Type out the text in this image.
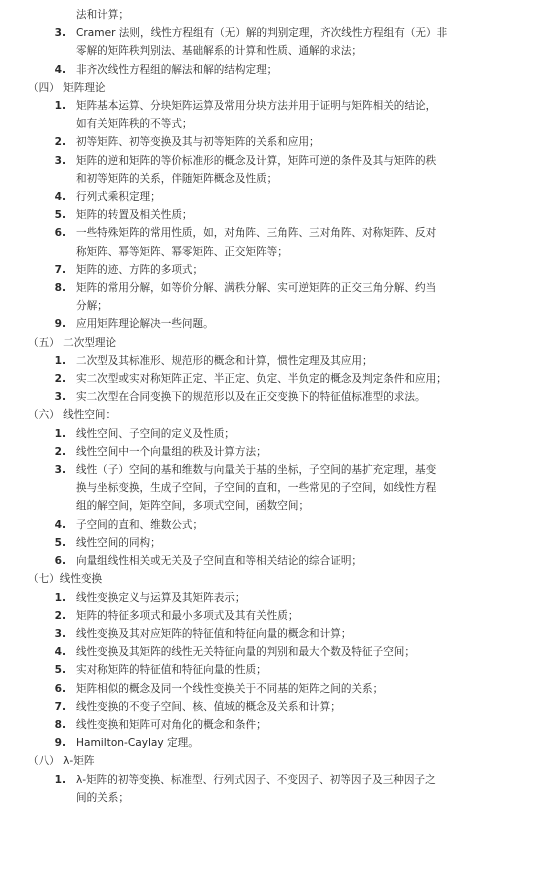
法和计算；
3. Cramer 法则，线性方程组有（无）解的判别定理，齐次线性方程组有（无）非
零解的矩阵秩判别法、基础解系的计算和性质、通解的求法；
4. 非齐次线性方程组的解法和解的结构定理；
（四） 矩阵理论
1. 矩阵基本运算、分块矩阵运算及常用分块方法并用于证明与矩阵相关的结论，
如有关矩阵秩的不等式；
2. 初等矩阵、初等变换及其与初等矩阵的关系和应用；
3. 矩阵的逆和矩阵的等价标准形的概念及计算，矩阵可逆的条件及其与矩阵的秩
和初等矩阵的关系，伴随矩阵概念及性质；
4. 行列式乘积定理；
5. 矩阵的转置及相关性质；
6. 一些特殊矩阵的常用性质，如，对角阵、三角阵、三对角阵、对称矩阵、反对
称矩阵、幂等矩阵、幂零矩阵、正交矩阵等；
7. 矩阵的迹、方阵的多项式；
8. 矩阵的常用分解，如等价分解、满秩分解、实可逆矩阵的正交三角分解、约当
分解；
9. 应用矩阵理论解决一些问题。
（五） 二次型理论
1. 二次型及其标准形、规范形的概念和计算，惯性定理及其应用；
2. 实二次型或实对称矩阵正定、半正定、负定、半负定的概念及判定条件和应用；
3. 实二次型在合同变换下的规范形以及在正交变换下的特征值标准型的求法。
（六） 线性空间：
1. 线性空间、子空间的定义及性质；
2. 线性空间中一个向量组的秩及计算方法；
3. 线性（子）空间的基和维数与向量关于基的坐标，子空间的基扩充定理，基变
换与坐标变换，生成子空间，子空间的直和，一些常见的子空间，如线性方程
组的解空间，矩阵空间，多项式空间，函数空间；
4. 子空间的直和、维数公式；
5. 线性空间的同构；
6. 向量组线性相关或无关及子空间直和等相关结论的综合证明；
（七）线性变换
1. 线性变换定义与运算及其矩阵表示；
2. 矩阵的特征多项式和最小多项式及其有关性质；
3. 线性变换及其对应矩阵的特征值和特征向量的概念和计算；
4. 线性变换及其矩阵的线性无关特征向量的判别和最大个数及特征子空间；
5. 实对称矩阵的特征值和特征向量的性质；
6. 矩阵相似的概念及同一个线性变换关于不同基的矩阵之间的关系；
7. 线性变换的不变子空间、核、值域的概念及关系和计算；
8. 线性变换和矩阵可对角化的概念和条件；
9. Hamilton-Caylay 定理。
（八） λ-矩阵
1. λ-矩阵的初等变换、标准型、行列式因子、不变因子、初等因子及三种因子之
间的关系；
